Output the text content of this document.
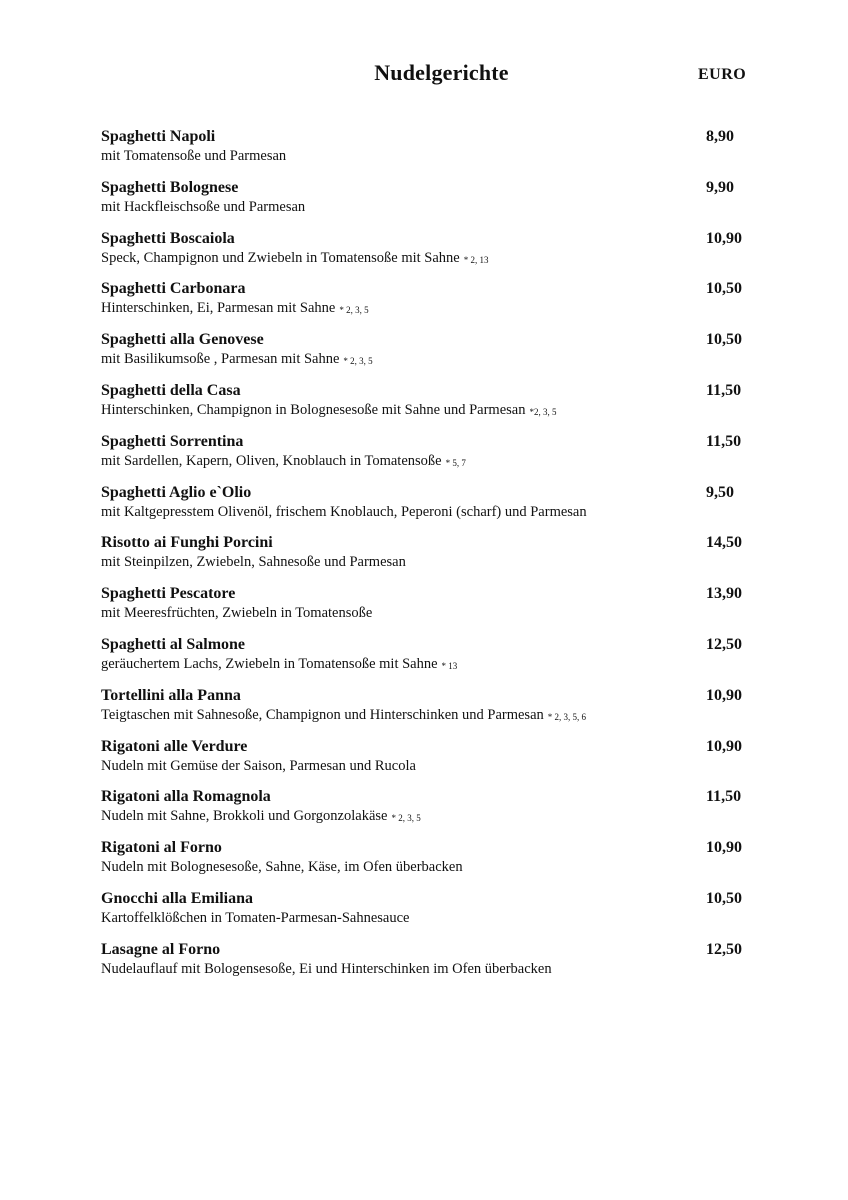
Nudelgerichte	EURO
Spaghetti Napoli
mit Tomatensoße und Parmesan
8,90
Spaghetti Bolognese
mit Hackfleischsoße und Parmesan
9,90
Spaghetti Boscaiola
Speck, Champignon und Zwiebeln in Tomatensoße mit Sahne * 2, 13
10,90
Spaghetti Carbonara
Hinterschinken, Ei, Parmesan mit Sahne * 2, 3, 5
10,50
Spaghetti alla Genovese
mit Basilikumsoße , Parmesan mit Sahne * 2, 3, 5
10,50
Spaghetti della Casa
Hinterschinken, Champignon in Bolognesesoße mit Sahne und Parmesan *2, 3, 5
11,50
Spaghetti Sorrentina
mit Sardellen, Kapern, Oliven, Knoblauch in Tomatensoße * 5, 7
11,50
Spaghetti Aglio e`Olio
mit Kaltgepresstem Olivenöl, frischem Knoblauch, Peperoni (scharf) und Parmesan
9,50
Risotto ai Funghi Porcini
mit Steinpilzen, Zwiebeln, Sahnesoße und Parmesan
14,50
Spaghetti Pescatore
mit Meeresfrüchten, Zwiebeln in Tomatensoße
13,90
Spaghetti al Salmone
geräuchertem Lachs, Zwiebeln in Tomatensoße mit Sahne * 13
12,50
Tortellini alla Panna
Teigtaschen mit Sahnesoße, Champignon und Hinterschinken und Parmesan * 2, 3, 5, 6
10,90
Rigatoni alle Verdure
Nudeln mit Gemüse der Saison, Parmesan und Rucola
10,90
Rigatoni alla Romagnola
Nudeln mit Sahne, Brokkoli und Gorgonzolakäse * 2, 3, 5
11,50
Rigatoni al Forno
Nudeln mit Bolognesesoße, Sahne, Käse, im Ofen überbacken
10,90
Gnocchi alla Emiliana
Kartoffelklößchen in Tomaten-Parmesan-Sahnesauce
10,50
Lasagne al Forno
Nudelauflauf mit Bologensesoße, Ei und Hinterschinken im Ofen überbacken
12,50
